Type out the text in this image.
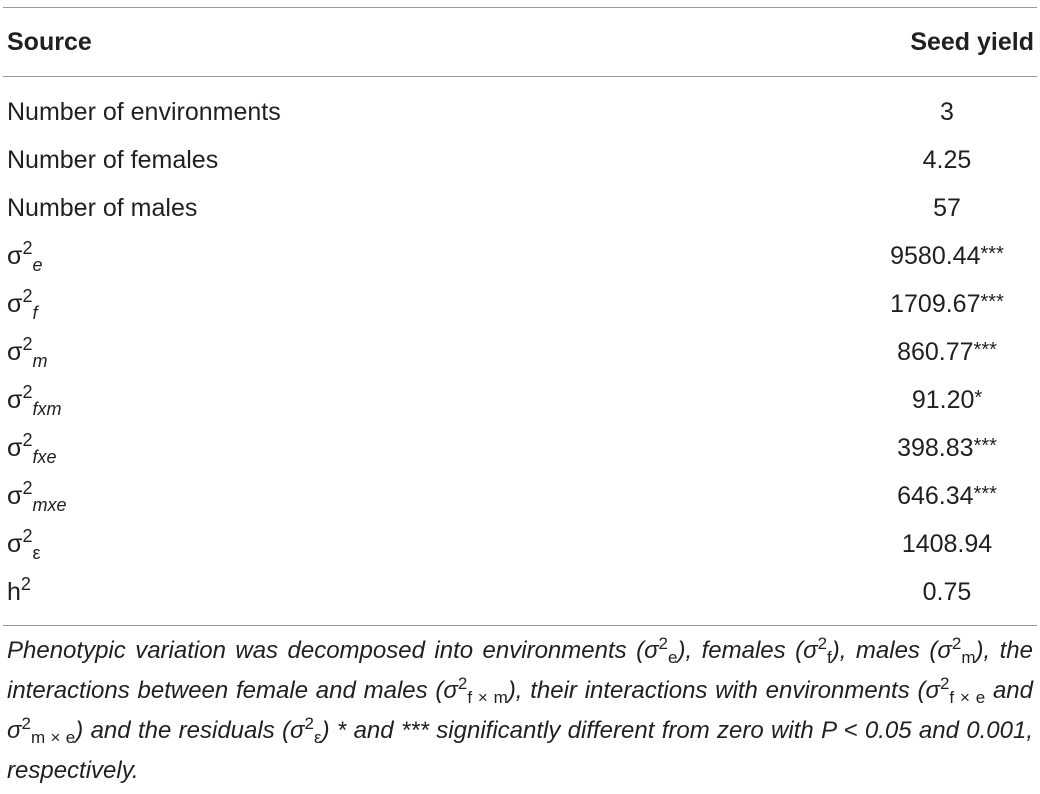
Source	Seed yield
Number of environments	3
Number of females	4.25
Number of males	57
$\sigma^2_e$	9580.44***
$\sigma^2_f$	1709.67***
$\sigma^2_m$	860.77***
$\sigma^2_{fxm}$	91.20*
$\sigma^2_{fxe}$	398.83***
$\sigma^2_{mxe}$	646.34***
$\sigma^2_\varepsilon$	1408.94
$h^2$	0.75
Phenotypic variation was decomposed into environments $(\sigma^2_e)$, females $(\sigma^2_f)$, males $(\sigma^2_m)$, the interactions between female and males $(\sigma^2_{f \times m})$, their interactions with environments ($\sigma^2_{f \times e}$ and $\sigma^2_{m \times e}$) and the residuals $(\sigma^2_\varepsilon)$ * and *** significantly different from zero with P < 0.05 and 0.001, respectively.
